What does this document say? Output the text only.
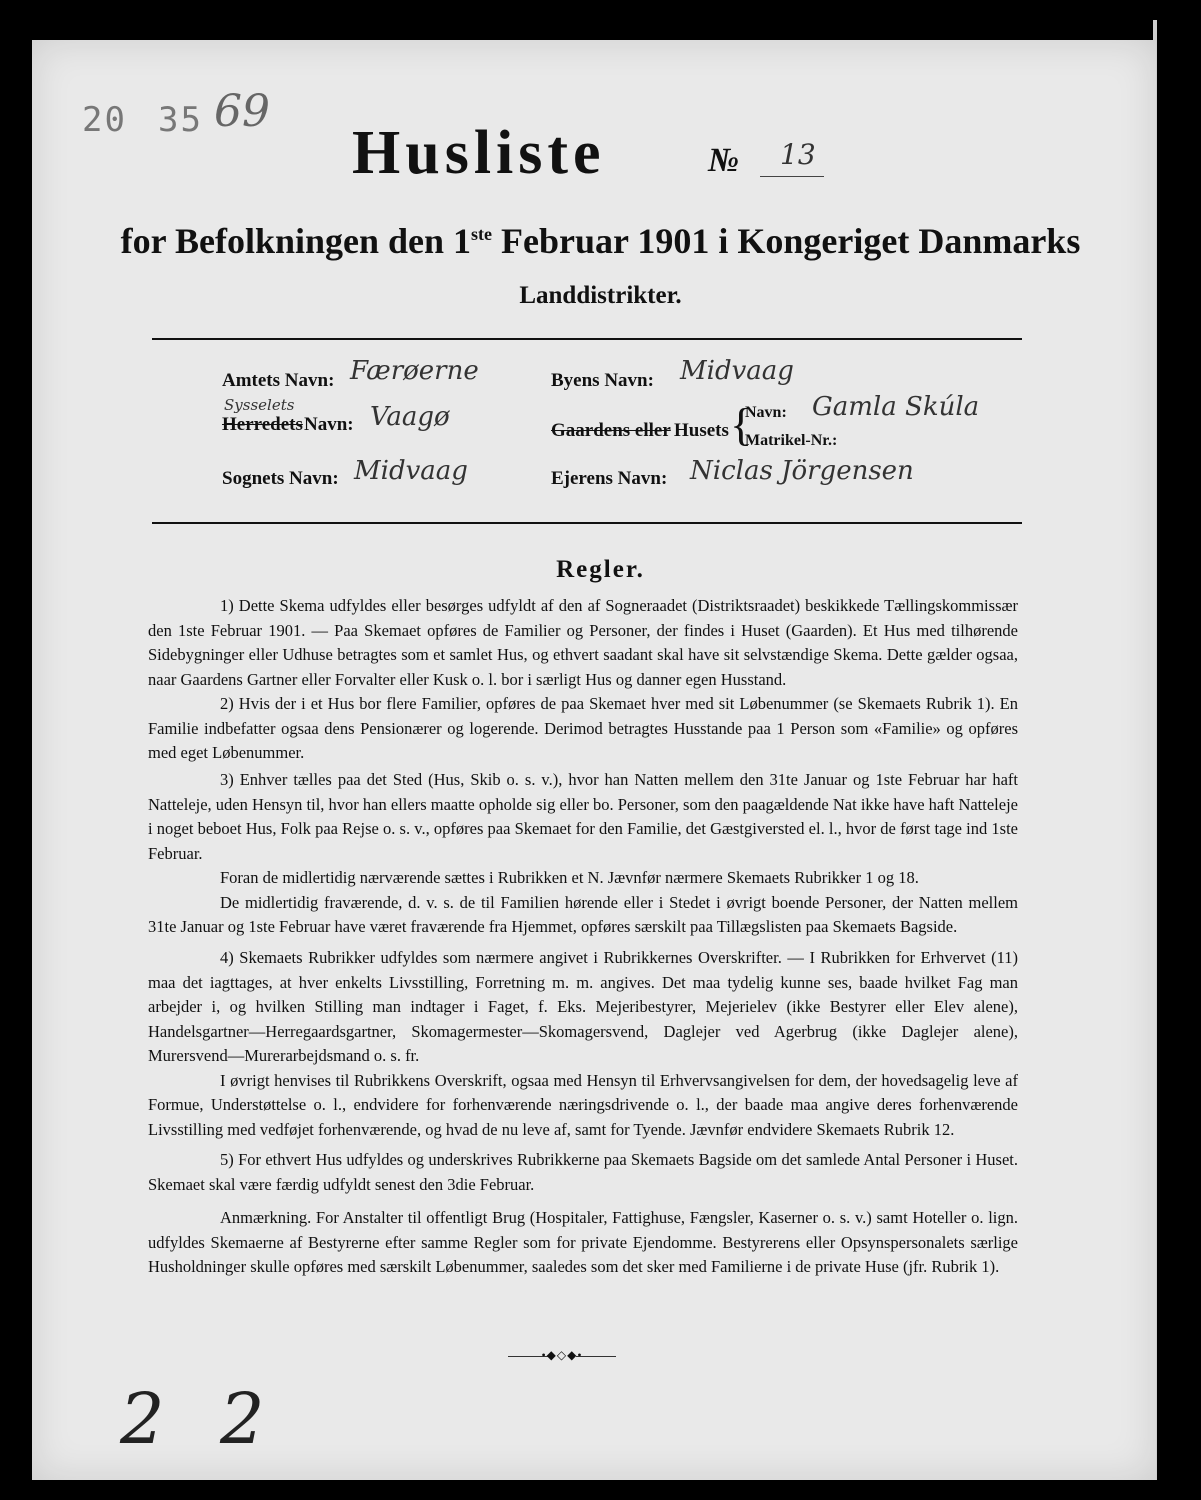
20 35 69
Husliste	№ 13
for Befolkningen den 1ste Februar 1901 i Kongeriget Danmarks
Landdistrikter.
Amtets Navn: Færøerne	Byens Navn: Midvaag
Sysselets
Herredets Navn: Vaagø	Gaardens eller Husets {
Navn: Gamla Skúla
Matrikel-Nr.:
Sognets Navn: Midvaag	Ejerens Navn: Niclas Jörgensen
Regler.

1) Dette Skema udfyldes eller besørges udfyldt af den af Sogneraadet (Distriktsraadet) beskikkede Tællingskommissær den 1ste Februar 1901. — Paa Skemaet opføres de Familier og Personer, der findes i Huset (Gaarden). Et Hus med tilhørende Sidebygninger eller Udhuse betragtes som et samlet Hus, og ethvert saadant skal have sit selvstændige Skema. Dette gælder ogsaa, naar Gaardens Gartner eller Forvalter eller Kusk o. l. bor i særligt Hus og danner egen Husstand.

2) Hvis der i et Hus bor flere Familier, opføres de paa Skemaet hver med sit Løbenummer (se Skemaets Rubrik 1). En Familie indbefatter ogsaa dens Pensionærer og logerende. Derimod betragtes Husstande paa 1 Person som «Familie» og opføres med eget Løbenummer.

3) Enhver tælles paa det Sted (Hus, Skib o. s. v.), hvor han Natten mellem den 31te Januar og 1ste Februar har haft Natteleje, uden Hensyn til, hvor han ellers maatte opholde sig eller bo. Personer, som den paagældende Nat ikke have haft Natteleje i noget beboet Hus, Folk paa Rejse o. s. v., opføres paa Skemaet for den Familie, det Gæstgiversted el. l., hvor de først tage ind 1ste Februar.

Foran de midlertidig nærværende sættes i Rubrikken et N. Jævnfør nærmere Skemaets Rubrikker 1 og 18.

De midlertidig fraværende, d. v. s. de til Familien hørende eller i Stedet i øvrigt boende Personer, der Natten mellem 31te Januar og 1ste Februar have været fraværende fra Hjemmet, opføres særskilt paa Tillægslisten paa Skemaets Bagside.

4) Skemaets Rubrikker udfyldes som nærmere angivet i Rubrikkernes Overskrifter. — I Rubrikken for Erhvervet (11) maa det iagttages, at hver enkelts Livsstilling, Forretning m. m. angives. Det maa tydelig kunne ses, baade hvilket Fag man arbejder i, og hvilken Stilling man indtager i Faget, f. Eks. Mejeribestyrer, Mejerielev (ikke Bestyrer eller Elev alene), Handelsgartner—Herregaardsgartner, Skomagermester—Skomagersvend, Daglejer ved Agerbrug (ikke Daglejer alene), Murersvend—Murerarbejdsmand o. s. fr.

I øvrigt henvises til Rubrikkens Overskrift, ogsaa med Hensyn til Erhvervsangivelsen for dem, der hovedsagelig leve af Formue, Understøttelse o. l., endvidere for forhenværende næringsdrivende o. l., der baade maa angive deres forhenværende Livsstilling med vedføjet forhenværende, og hvad de nu leve af, samt for Tyende. Jævnfør endvidere Skemaets Rubrik 12.

5) For ethvert Hus udfyldes og underskrives Rubrikkerne paa Skemaets Bagside om det samlede Antal Personer i Huset. Skemaet skal være færdig udfyldt senest den 3die Februar.

Anmærkning. For Anstalter til offentligt Brug (Hospitaler, Fattighuse, Fængsler, Kaserner o. s. v.) samt Hoteller o. lign. udfyldes Skemaerne af Bestyrerne efter samme Regler som for private Ejendomme. Bestyrerens eller Opsynspersonalets særlige Husholdninger skulle opføres med særskilt Løbenummer, saaledes som det sker med Familierne i de private Huse (jfr. Rubrik 1).

•◆◇◆•
2 2
